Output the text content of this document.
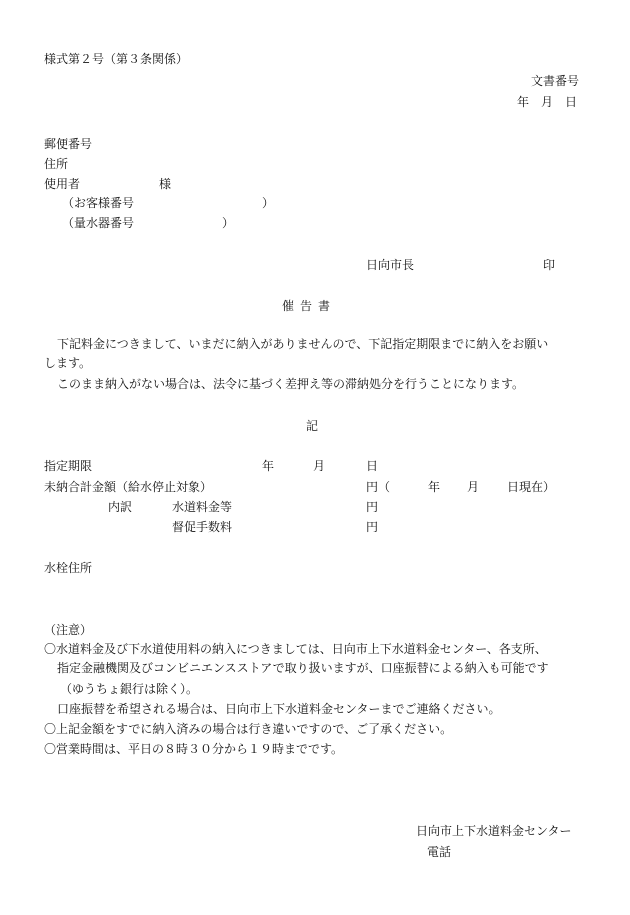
様式第２号（第３条関係）
文書番号
年　月　日
郵便番号
住所
使用者	様
（お客様番号	）
（量水器番号	）
日向市長	印
催告書
下記料金につきまして、いまだに納入がありませんので、下記指定期限までに納入をお願い
します。
このまま納入がない場合は、法令に基づく差押え等の滞納処分を行うことになります。
記
指定期限	年	月	日
未納合計金額（給水停止対象）	円（	年 月 日現在）
内訳	水道料金等	円
督促手数料	円
水栓住所
（注意）
〇水道料金及び下水道使用料の納入につきましては、日向市上下水道料金センター、各支所、
指定金融機関及びコンビニエンスストアで取り扱いますが、口座振替による納入も可能です
（ゆうちょ銀行は除く）。
口座振替を希望される場合は、日向市上下水道料金センターまでご連絡ください。
〇上記金額をすでに納入済みの場合は行き違いですので、ご了承ください。
〇営業時間は、平日の８時３０分から１９時までです。
日向市上下水道料金センター
電話
